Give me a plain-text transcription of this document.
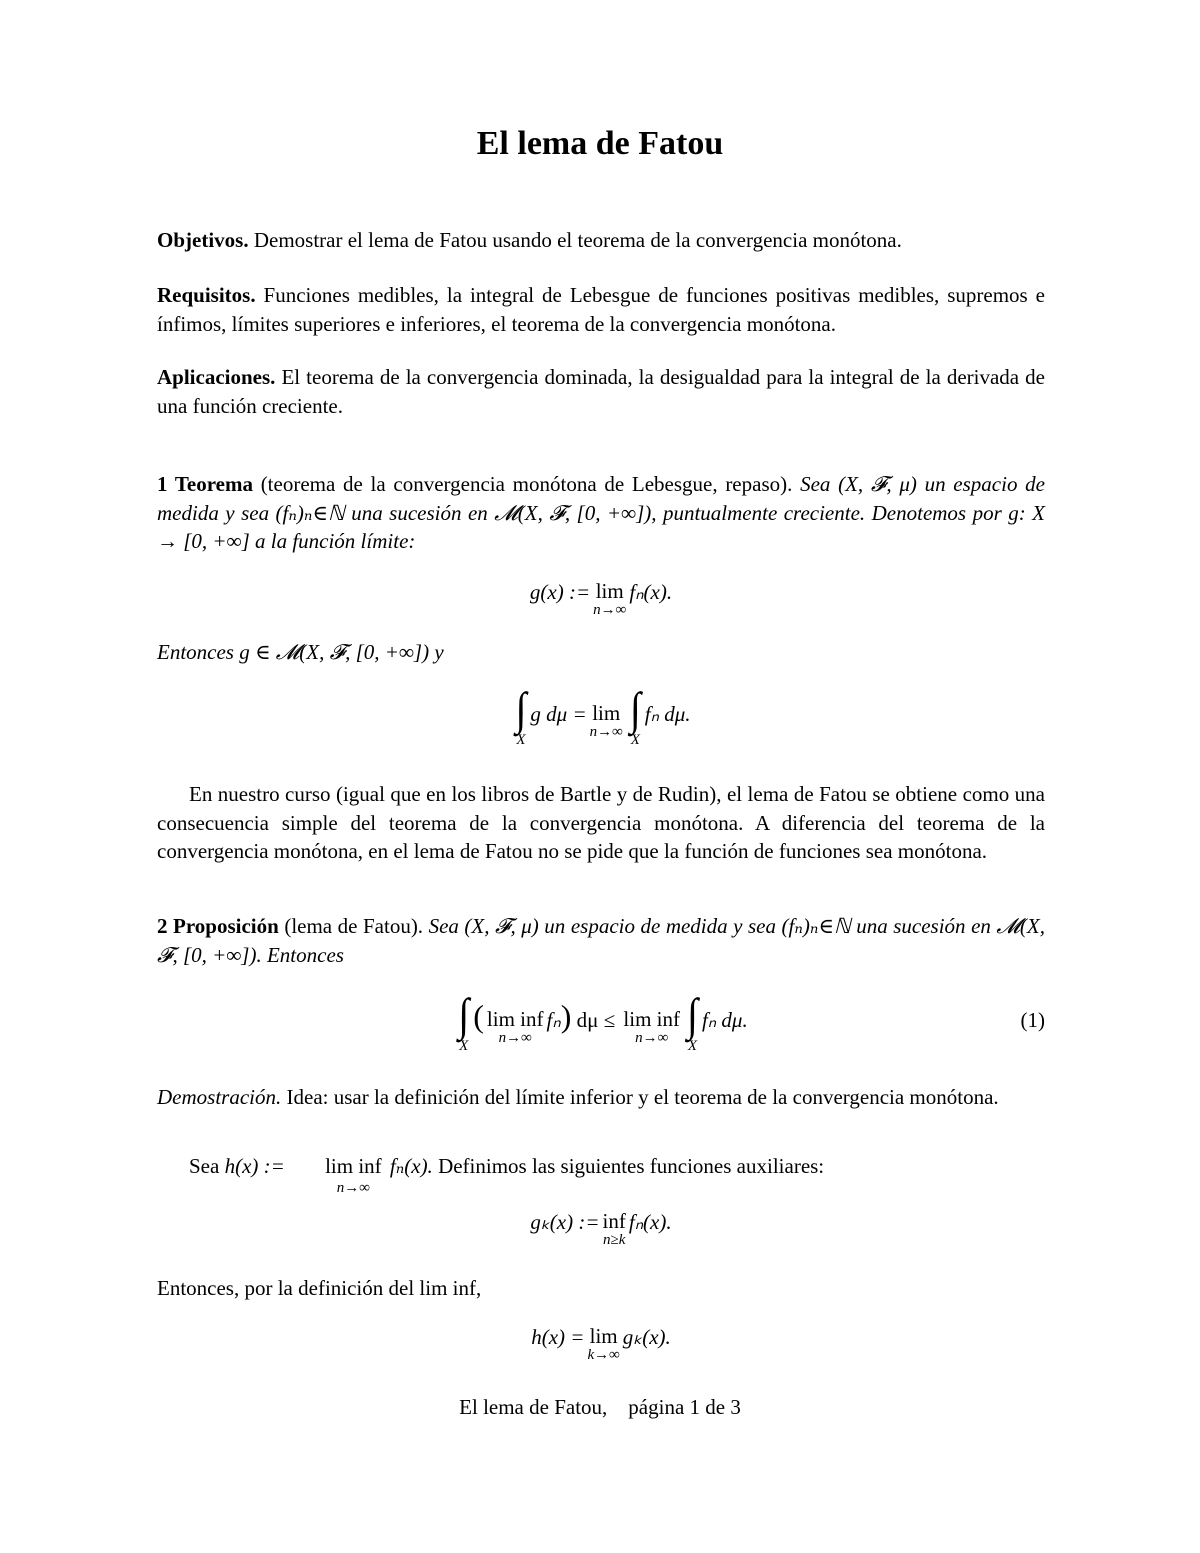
El lema de Fatou
Objetivos. Demostrar el lema de Fatou usando el teorema de la convergencia monótona.
Requisitos. Funciones medibles, la integral de Lebesgue de funciones positivas medibles, supremos e ínfimos, límites superiores e inferiores, el teorema de la convergencia monótona.
Aplicaciones. El teorema de la convergencia dominada, la desigualdad para la integral de la derivada de una función creciente.
1 Teorema (teorema de la convergencia monótona de Lebesgue, repaso). Sea (X, 𝓕, μ) un espacio de medida y sea (fₙ)ₙ∈ℕ una sucesión en 𝓜(X, 𝓕, [0, +∞]), puntualmente creciente. Denotemos por g: X → [0, +∞] a la función límite:
g(x) := lim
n→∞
fₙ(x).
Entonces g ∈ 𝓜(X, 𝓕, [0, +∞]) y
∫
X
g dμ = lim
n→∞ ∫
X
fₙ dμ.
En nuestro curso (igual que en los libros de Bartle y de Rudin), el lema de Fatou se obtiene como una consecuencia simple del teorema de la convergencia monótona. A diferencia del teorema de la convergencia monótona, en el lema de Fatou no se pide que la función de funciones sea monótona.
2 Proposición (lema de Fatou). Sea (X, 𝓕, μ) un espacio de medida y sea (fₙ)ₙ∈ℕ una sucesión en 𝓜(X, 𝓕, [0, +∞]). Entonces
∫
X
( lim inf
n→∞
fₙ ) dμ ≤ lim inf
n→∞ ∫
X
fₙ dμ.	(1)
Demostración. Idea: usar la definición del límite inferior y el teorema de la convergencia monótona.
Sea h(x) :=	lim inf
n→∞
fₙ(x). Definimos las siguientes funciones auxiliares:
gₖ(x) := inf
n≥k
fₙ(x).
Entonces, por la definición del lim inf,
h(x) = lim
k→∞
gₖ(x).
El lema de Fatou,    página 1 de 3
